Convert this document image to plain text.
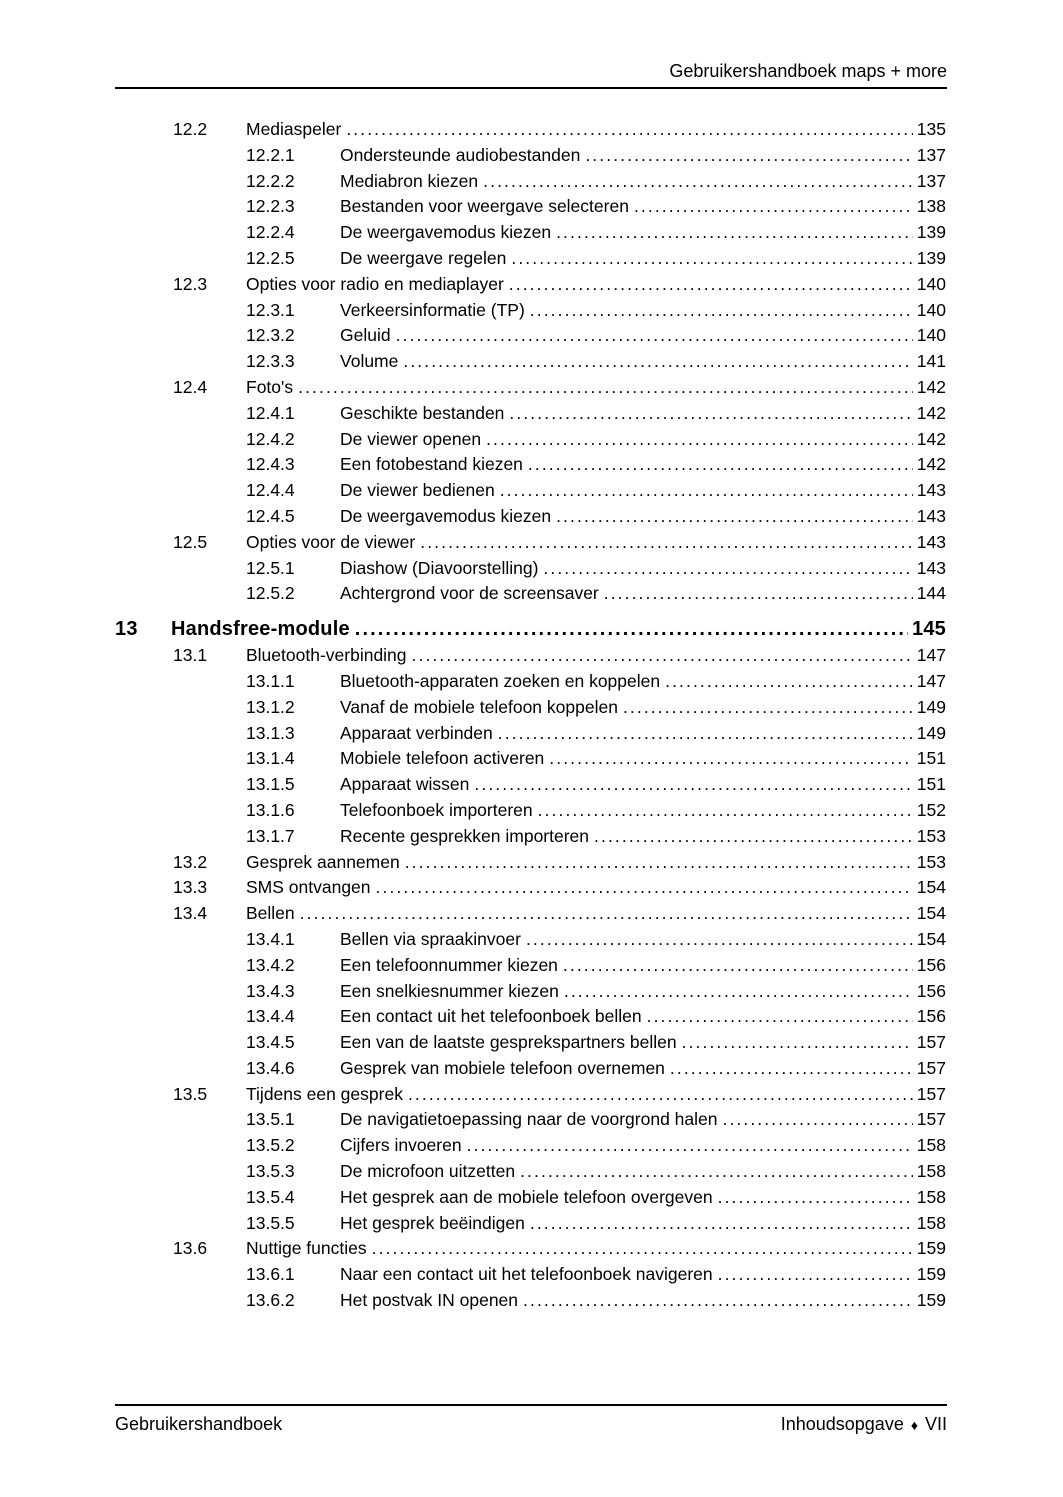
Gebruikershandboek maps + more
12.2	Mediaspeler .....	135
12.2.1	Ondersteunde audiobestanden .....	137
12.2.2	Mediabron kiezen .....	137
12.2.3	Bestanden voor weergave selecteren .....	138
12.2.4	De weergavemodus kiezen .....	139
12.2.5	De weergave regelen .....	139
12.3	Opties voor radio en mediaplayer .....	140
12.3.1	Verkeersinformatie (TP) .....	140
12.3.2	Geluid .....	140
12.3.3	Volume .....	141
12.4	Foto's .....	142
12.4.1	Geschikte bestanden .....	142
12.4.2	De viewer openen .....	142
12.4.3	Een fotobestand kiezen .....	142
12.4.4	De viewer bedienen .....	143
12.4.5	De weergavemodus kiezen .....	143
12.5	Opties voor de viewer .....	143
12.5.1	Diashow (Diavoorstelling) .....	143
12.5.2	Achtergrond voor de screensaver .....	144
13	Handsfree-module .....	145
13.1	Bluetooth-verbinding .....	147
13.1.1	Bluetooth-apparaten zoeken en koppelen .....	147
13.1.2	Vanaf de mobiele telefoon koppelen .....	149
13.1.3	Apparaat verbinden .....	149
13.1.4	Mobiele telefoon activeren .....	151
13.1.5	Apparaat wissen .....	151
13.1.6	Telefoonboek importeren .....	152
13.1.7	Recente gesprekken importeren .....	153
13.2	Gesprek aannemen .....	153
13.3	SMS ontvangen .....	154
13.4	Bellen .....	154
13.4.1	Bellen via spraakinvoer .....	154
13.4.2	Een telefoonnummer kiezen .....	156
13.4.3	Een snelkiesnummer kiezen .....	156
13.4.4	Een contact uit het telefoonboek bellen .....	156
13.4.5	Een van de laatste gesprekspartners bellen .....	157
13.4.6	Gesprek van mobiele telefoon overnemen .....	157
13.5	Tijdens een gesprek .....	157
13.5.1	De navigatietoepassing naar de voorgrond halen .....	157
13.5.2	Cijfers invoeren .....	158
13.5.3	De microfoon uitzetten .....	158
13.5.4	Het gesprek aan de mobiele telefoon overgeven .....	158
13.5.5	Het gesprek beëindigen .....	158
13.6	Nuttige functies .....	159
13.6.1	Naar een contact uit het telefoonboek navigeren .....	159
13.6.2	Het postvak IN openen .....	159
Gebruikershandboek	Inhoudsopgave ♦ VII
